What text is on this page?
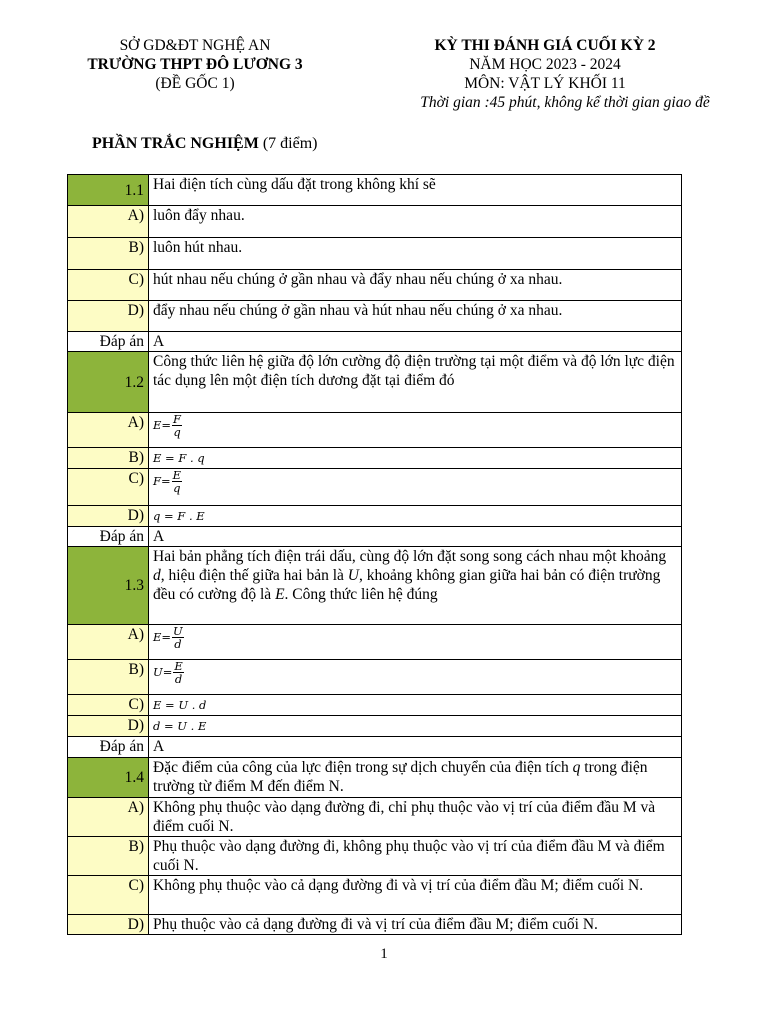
SỞ GD&ĐT NGHỆ AN
TRƯỜNG THPT ĐÔ LƯƠNG 3
(ĐỀ GỐC 1)
KỲ THI ĐÁNH GIÁ CUỐI KỲ 2
NĂM HỌC 2023 - 2024
MÔN: VẬT LÝ KHỐI 11
Thời gian :45 phút, không kể thời gian giao đề
PHẦN TRẮC NGHIỆM (7 điểm)
1.1	Hai điện tích cùng dấu đặt trong không khí sẽ
A)	luôn đẩy nhau.
B)	luôn hút nhau.
C)	hút nhau nếu chúng ở gần nhau và đẩy nhau nếu chúng ở xa nhau.
D)	đẩy nhau nếu chúng ở gần nhau và hút nhau nếu chúng ở xa nhau.
Đáp án	A
1.2	Công thức liên hệ giữa độ lớn cường độ điện trường tại một điểm và độ lớn lực điện tác dụng lên một điện tích dương đặt tại điểm đó
A)	$E= \frac{F}{q}$

B)	E = F . q
C)	$F= \frac{E}{q}$

D)	q = F . E
Đáp án	A
1.3	Hai bản phẳng tích điện trái dấu, cùng độ lớn đặt song song cách nhau một khoảng d, hiệu điện thế giữa hai bản là U, khoảng không gian giữa hai bản có điện trường đều có cường độ là E. Công thức liên hệ đúng
A)	$E= \frac{U}{d}$

B)	$U= \frac{E}{d}$

C)	E = U . d
D)	d = U . E
Đáp án	A
1.4	Đặc điểm của công của lực điện trong sự dịch chuyển của điện tích q trong điện trường từ điểm M đến điểm N.
A)	Không phụ thuộc vào dạng đường đi, chỉ phụ thuộc vào vị trí của điểm đầu M và điểm cuối N.
B)	Phụ thuộc vào dạng đường đi, không phụ thuộc vào vị trí của điểm đầu M và điểm cuối N.
C)	Không phụ thuộc vào cả dạng đường đi và vị trí của điểm đầu M; điểm cuối N.
D)	Phụ thuộc vào cả dạng đường đi và vị trí của điểm đầu M; điểm cuối N.
1
